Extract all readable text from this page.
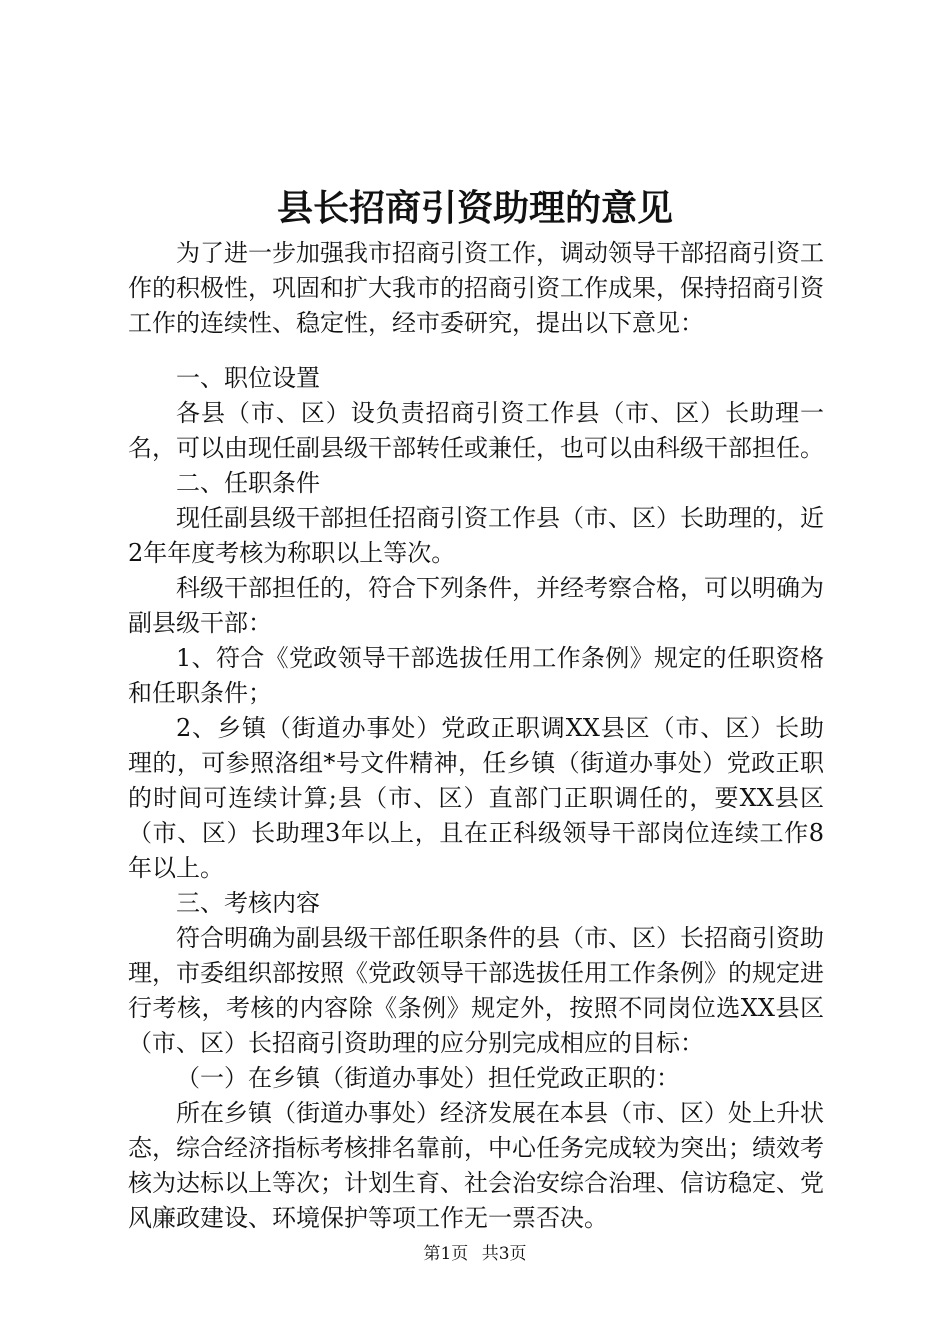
县长招商引资助理的意见

为了进一步加强我市招商引资工作，调动领导干部招商引资工作的积极性，巩固和扩大我市的招商引资工作成果，保持招商引资工作的连续性、稳定性，经市委研究，提出以下意见：

一、职位设置

各县（市、区）设负责招商引资工作县（市、区）长助理一名，可以由现任副县级干部转任或兼任，也可以由科级干部担任。

二、任职条件

现任副县级干部担任招商引资工作县（市、区）长助理的，近2年年度考核为称职以上等次。

科级干部担任的，符合下列条件，并经考察合格，可以明确为副县级干部：

1、符合《党政领导干部选拔任用工作条例》规定的任职资格和任职条件；

2、乡镇（街道办事处）党政正职调XX县区（市、区）长助理的，可参照洛组*号文件精神，任乡镇（街道办事处）党政正职的时间可连续计算;县（市、区）直部门正职调任的，要XX县区（市、区）长助理3年以上，且在正科级领导干部岗位连续工作8年以上。

三、考核内容

符合明确为副县级干部任职条件的县（市、区）长招商引资助理，市委组织部按照《党政领导干部选拔任用工作条例》的规定进行考核，考核的内容除《条例》规定外，按照不同岗位选XX县区（市、区）长招商引资助理的应分别完成相应的目标：

（一）在乡镇（街道办事处）担任党政正职的：

所在乡镇（街道办事处）经济发展在本县（市、区）处上升状态，综合经济指标考核排名靠前，中心任务完成较为突出；绩效考核为达标以上等次；计划生育、社会治安综合治理、信访稳定、党风廉政建设、环境保护等项工作无一票否决。

第1页 共3页
